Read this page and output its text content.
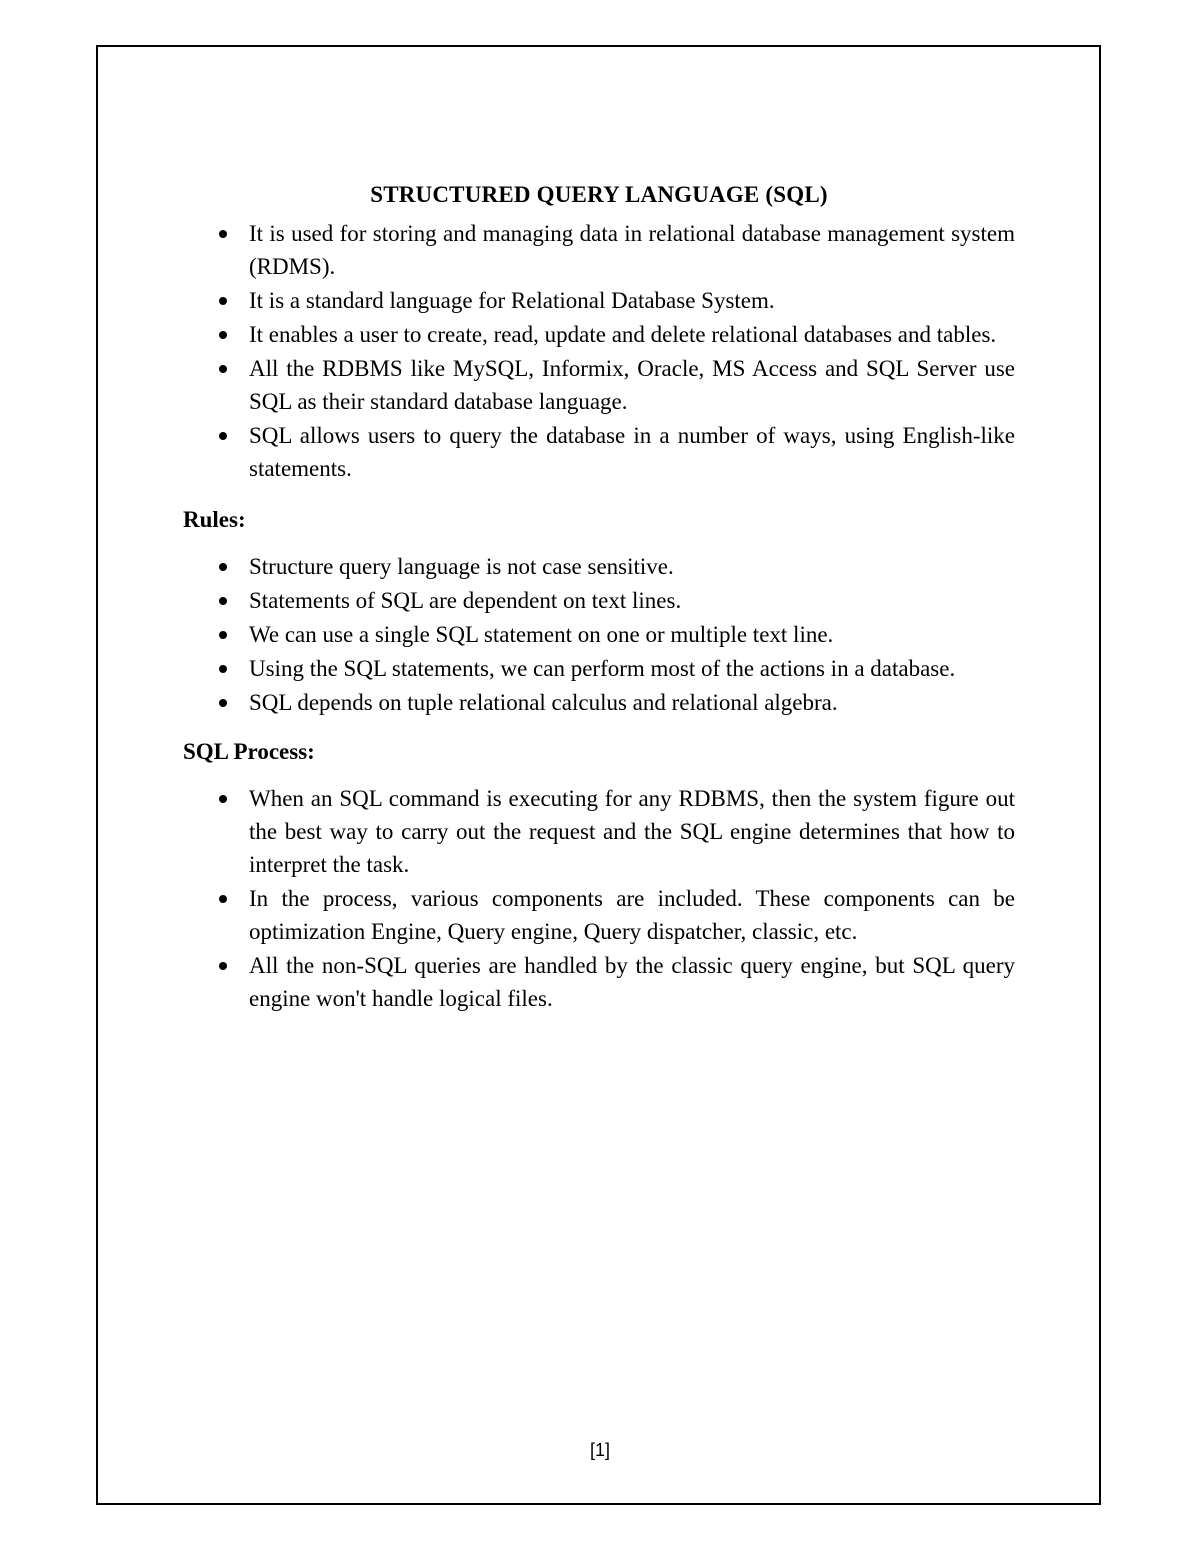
STRUCTURED QUERY LANGUAGE (SQL)
It is used for storing and managing data in relational database management system (RDMS).
It is a standard language for Relational Database System.
It enables a user to create, read, update and delete relational databases and tables.
All the RDBMS like MySQL, Informix, Oracle, MS Access and SQL Server use SQL as their standard database language.
SQL allows users to query the database in a number of ways, using English-like statements.
Rules:
Structure query language is not case sensitive.
Statements of SQL are dependent on text lines.
We can use a single SQL statement on one or multiple text line.
Using the SQL statements, we can perform most of the actions in a database.
SQL depends on tuple relational calculus and relational algebra.
SQL Process:
When an SQL command is executing for any RDBMS, then the system figure out the best way to carry out the request and the SQL engine determines that how to interpret the task.
In the process, various components are included. These components can be optimization Engine, Query engine, Query dispatcher, classic, etc.
All the non-SQL queries are handled by the classic query engine, but SQL query engine won't handle logical files.
[1]
